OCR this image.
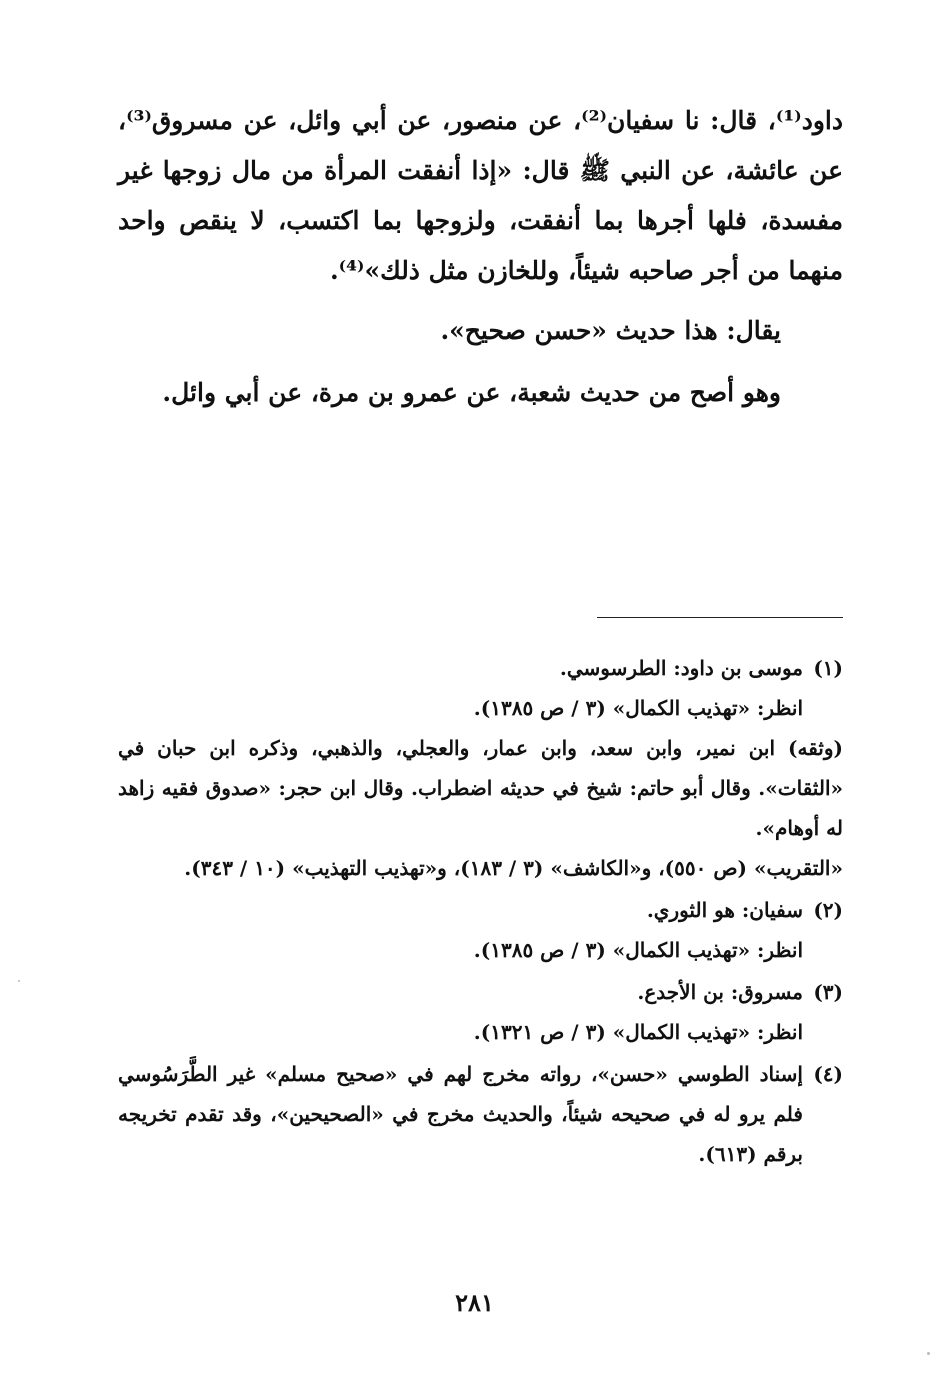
داود⁽¹⁾، قال: نا سفيان⁽²⁾، عن منصور، عن أبي وائل، عن مسروق⁽³⁾، عن عائشة، عن النبي ﷺ قال: «إذا أنفقت المرأة من مال زوجها غير مفسدة، فلها أجرها بما أنفقت، ولزوجها بما اكتسب، لا ينقص واحد منهما من أجر صاحبه شيئاً، وللخازن مثل ذلك»⁽⁴⁾.

يقال: هذا حديث «حسن صحيح».

وهو أصح من حديث شعبة، عن عمرو بن مرة، عن أبي وائل.

(١)
موسى بن داود: الطرسوسي.
انظر: «تهذيب الكمال» (٣ / ص ١٣٨٥).
(وثقه) ابن نمير، وابن سعد، وابن عمار، والعجلي، والذهبي، وذكره ابن حبان في «الثقات». وقال أبو حاتم: شيخ في حديثه اضطراب. وقال ابن حجر: «صدوق فقيه زاهد له أوهام».
«التقريب» (ص ٥٥٠)، و«الكاشف» (٣ / ١٨٣)، و«تهذيب التهذيب» (١٠ / ٣٤٣).
(٢)
سفيان: هو الثوري.
انظر: «تهذيب الكمال» (٣ / ص ١٣٨٥).
(٣)
مسروق: بن الأجدع.
انظر: «تهذيب الكمال» (٣ / ص ١٣٢١).
(٤)
إسناد الطوسي «حسن»، رواته مخرج لهم في «صحيح مسلم» غير الطَّرَسُوسي فلم يرو له في صحيحه شيئاً، والحديث مخرج في «الصحيحين»، وقد تقدم تخريجه برقم (٦١٣).
٢٨١
